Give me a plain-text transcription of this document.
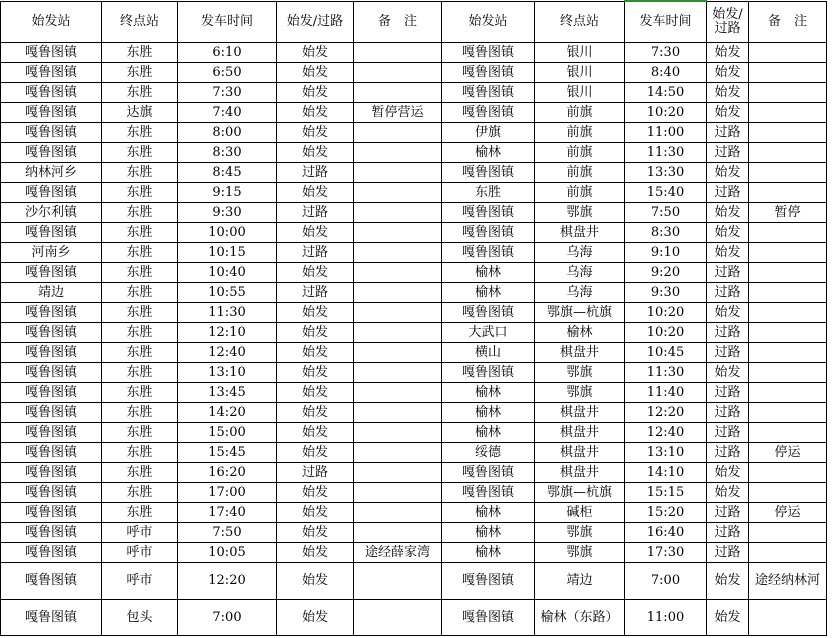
始发站	终点站	发车时间	始发/过路	备　注	始发站	终点站	发车时间	始发/过路	备　注
嘎鲁图镇	东胜	6:10	始发		嘎鲁图镇	银川	7:30	始发	
嘎鲁图镇	东胜	6:50	始发		嘎鲁图镇	银川	8:40	始发	
嘎鲁图镇	东胜	7:30	始发		嘎鲁图镇	银川	14:50	始发	
嘎鲁图镇	达旗	7:40	始发	暂停营运	嘎鲁图镇	前旗	10:20	始发	
嘎鲁图镇	东胜	8:00	始发		伊旗	前旗	11:00	过路	
嘎鲁图镇	东胜	8:30	始发		榆林	前旗	11:30	过路	
纳林河乡	东胜	8:45	过路		嘎鲁图镇	前旗	13:30	始发	
嘎鲁图镇	东胜	9:15	始发		东胜	前旗	15:40	过路	
沙尔利镇	东胜	9:30	过路		嘎鲁图镇	鄂旗	7:50	始发	暂停
嘎鲁图镇	东胜	10:00	始发		嘎鲁图镇	棋盘井	8:30	始发	
河南乡	东胜	10:15	过路		嘎鲁图镇	乌海	9:10	始发	
嘎鲁图镇	东胜	10:40	始发		榆林	乌海	9:20	过路	
靖边	东胜	10:55	过路		榆林	乌海	9:30	过路	
嘎鲁图镇	东胜	11:30	始发		嘎鲁图镇	鄂旗—杭旗	10:20	始发	
嘎鲁图镇	东胜	12:10	始发		大武口	榆林	10:20	过路	
嘎鲁图镇	东胜	12:40	始发		横山	棋盘井	10:45	过路	
嘎鲁图镇	东胜	13:10	始发		嘎鲁图镇	鄂旗	11:30	始发	
嘎鲁图镇	东胜	13:45	始发		榆林	鄂旗	11:40	过路	
嘎鲁图镇	东胜	14:20	始发		榆林	棋盘井	12:20	过路	
嘎鲁图镇	东胜	15:00	始发		榆林	棋盘井	12:40	过路	
嘎鲁图镇	东胜	15:45	始发		绥德	棋盘井	13:10	过路	停运
嘎鲁图镇	东胜	16:20	过路		嘎鲁图镇	棋盘井	14:10	始发	
嘎鲁图镇	东胜	17:00	始发		嘎鲁图镇	鄂旗—杭旗	15:15	始发	
嘎鲁图镇	东胜	17:40	始发		榆林	碱柜	15:20	过路	停运
嘎鲁图镇	呼市	7:50	始发		榆林	鄂旗	16:40	过路	
嘎鲁图镇	呼市	10:05	始发	途经薛家湾	榆林	鄂旗	17:30	过路	
嘎鲁图镇	呼市	12:20	始发		嘎鲁图镇	靖边	7:00	始发	途经纳林河
嘎鲁图镇	包头	7:00	始发		嘎鲁图镇	榆林（东路）	11:00	始发	
